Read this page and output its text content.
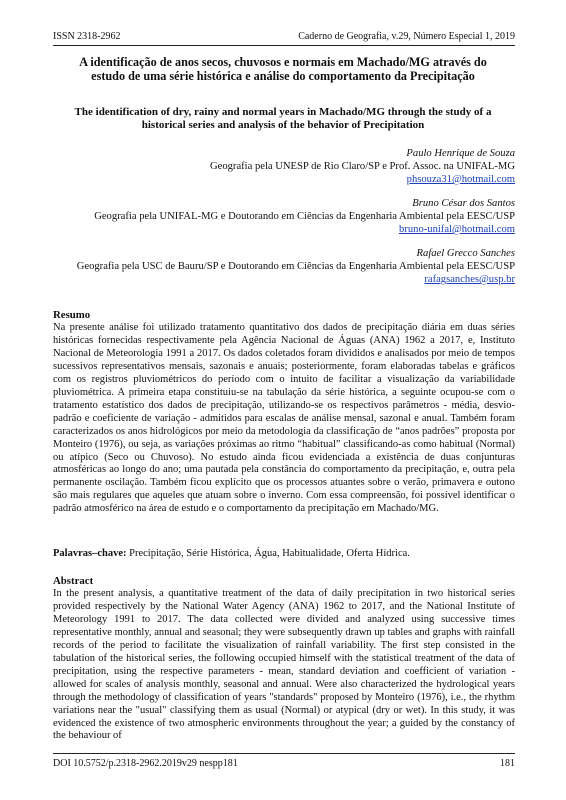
ISSN 2318-2962	Caderno de Geografia, v.29, Número Especial 1, 2019
A identificação de anos secos, chuvosos e normais em Machado/MG através do estudo de uma série histórica e análise do comportamento da Precipitação
The identification of dry, rainy and normal years in Machado/MG through the study of a historical series and analysis of the behavior of Precipitation
Paulo Henrique de Souza
Geografia pela UNESP de Rio Claro/SP e Prof. Assoc. na UNIFAL-MG
phsouza31@hotmail.com
Bruno César dos Santos
Geografia pela UNIFAL-MG e Doutorando em Ciências da Engenharia Ambiental pela EESC/USP
bruno-unifal@hotmail.com
Rafael Grecco Sanches
Geografia pela USC de Bauru/SP e Doutorando em Ciências da Engenharia Ambiental pela EESC/USP
rafagsanches@usp.br
Resumo
Na presente análise foi utilizado tratamento quantitativo dos dados de precipitação diária em duas séries históricas fornecidas respectivamente pela Agência Nacional de Águas (ANA) 1962 a 2017, e, Instituto Nacional de Meteorologia 1991 a 2017. Os dados coletados foram divididos e analisados por meio de tempos sucessivos representativos mensais, sazonais e anuais; posteriormente, foram elaboradas tabelas e gráficos com os registros pluviométricos do período com o intuito de facilitar a visualização da variabilidade pluviométrica. A primeira etapa constituiu-se na tabulação da série histórica, a seguinte ocupou-se com o tratamento estatístico dos dados de precipitação, utilizando-se os respectivos parâmetros - média, desvio-padrão e coeficiente de variação - admitidos para escalas de análise mensal, sazonal e anual. Também foram caracterizados os anos hidrológicos por meio da metodologia da classificação de “anos padrões” proposta por Monteiro (1976), ou seja, as variações próximas ao ritmo “habitual” classificando-as como habitual (Normal) ou atípico (Seco ou Chuvoso). No estudo ainda ficou evidenciada a existência de duas conjunturas atmosféricas ao longo do ano; uma pautada pela constância do comportamento da precipitação, e, outra pela permanente oscilação. Também ficou explícito que os processos atuantes sobre o verão, primavera e outono são mais regulares que aqueles que atuam sobre o inverno. Com essa compreensão, foi possível identificar o padrão atmosférico na área de estudo e o comportamento da precipitação em Machado/MG.
Palavras–chave: Precipitação, Série Histórica, Água, Habitualidade, Oferta Hídrica.
Abstract
In the present analysis, a quantitative treatment of the data of daily precipitation in two historical series provided respectively by the National Water Agency (ANA) 1962 to 2017, and the National Institute of Meteorology 1991 to 2017. The data collected were divided and analyzed using successive times representative monthly, annual and seasonal; they were subsequently drawn up tables and graphs with rainfall records of the period to facilitate the visualization of rainfall variability. The first step consisted in the tabulation of the historical series, the following occupied himself with the statistical treatment of the data of precipitation, using the respective parameters - mean, standard deviation and coefficient of variation - allowed for scales of analysis monthly, seasonal and annual. Were also characterized the hydrological years through the methodology of classification of years "standards" proposed by Monteiro (1976), i.e., the rhythm variations near the "usual" classifying them as usual (Normal) or atypical (dry or wet). In this study, it was evidenced the existence of two atmospheric environments throughout the year; a guided by the constancy of the behaviour of
DOI 10.5752/p.2318-2962.2019v29 nespp181	181
